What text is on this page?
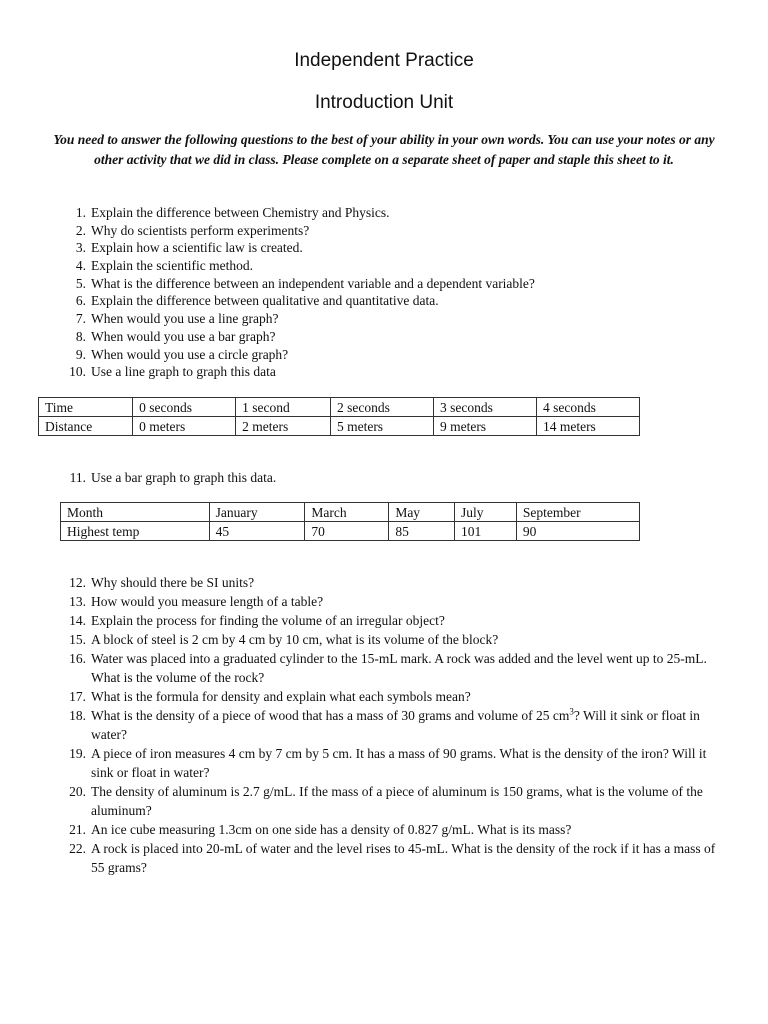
Independent Practice
Introduction Unit
You need to answer the following questions to the best of your ability in your own words. You can use your notes or any other activity that we did in class. Please complete on a separate sheet of paper and staple this sheet to it.
1. Explain the difference between Chemistry and Physics.
2. Why do scientists perform experiments?
3. Explain how a scientific law is created.
4. Explain the scientific method.
5. What is the difference between an independent variable and a dependent variable?
6. Explain the difference between qualitative and quantitative data.
7. When would you use a line graph?
8. When would you use a bar graph?
9. When would you use a circle graph?
10. Use a line graph to graph this data
Time	0 seconds	1 second	2 seconds	3 seconds	4 seconds
Distance	0 meters	2 meters	5 meters	9 meters	14 meters
11. Use a bar graph to graph this data.
Month	January	March	May	July	September
Highest temp	45	70	85	101	90
12. Why should there be SI units?
13. How would you measure length of a table?
14. Explain the process for finding the volume of an irregular object?
15. A block of steel is 2 cm by 4 cm by 10 cm, what is its volume of the block?
16. Water was placed into a graduated cylinder to the 15-mL mark. A rock was added and the level went up to 25-mL. What is the volume of the rock?
17. What is the formula for density and explain what each symbols mean?
18. What is the density of a piece of wood that has a mass of 30 grams and volume of 25 $cm^3$? Will it sink or float in water?
19. A piece of iron measures 4 cm by 7 cm by 5 cm. It has a mass of 90 grams. What is the density of the iron? Will it sink or float in water?
20. The density of aluminum is 2.7 g/mL. If the mass of a piece of aluminum is 150 grams, what is the volume of the aluminum?
21. An ice cube measuring 1.3cm on one side has a density of 0.827 g/mL. What is its mass?
22. A rock is placed into 20-mL of water and the level rises to 45-mL. What is the density of the rock if it has a mass of 55 grams?
